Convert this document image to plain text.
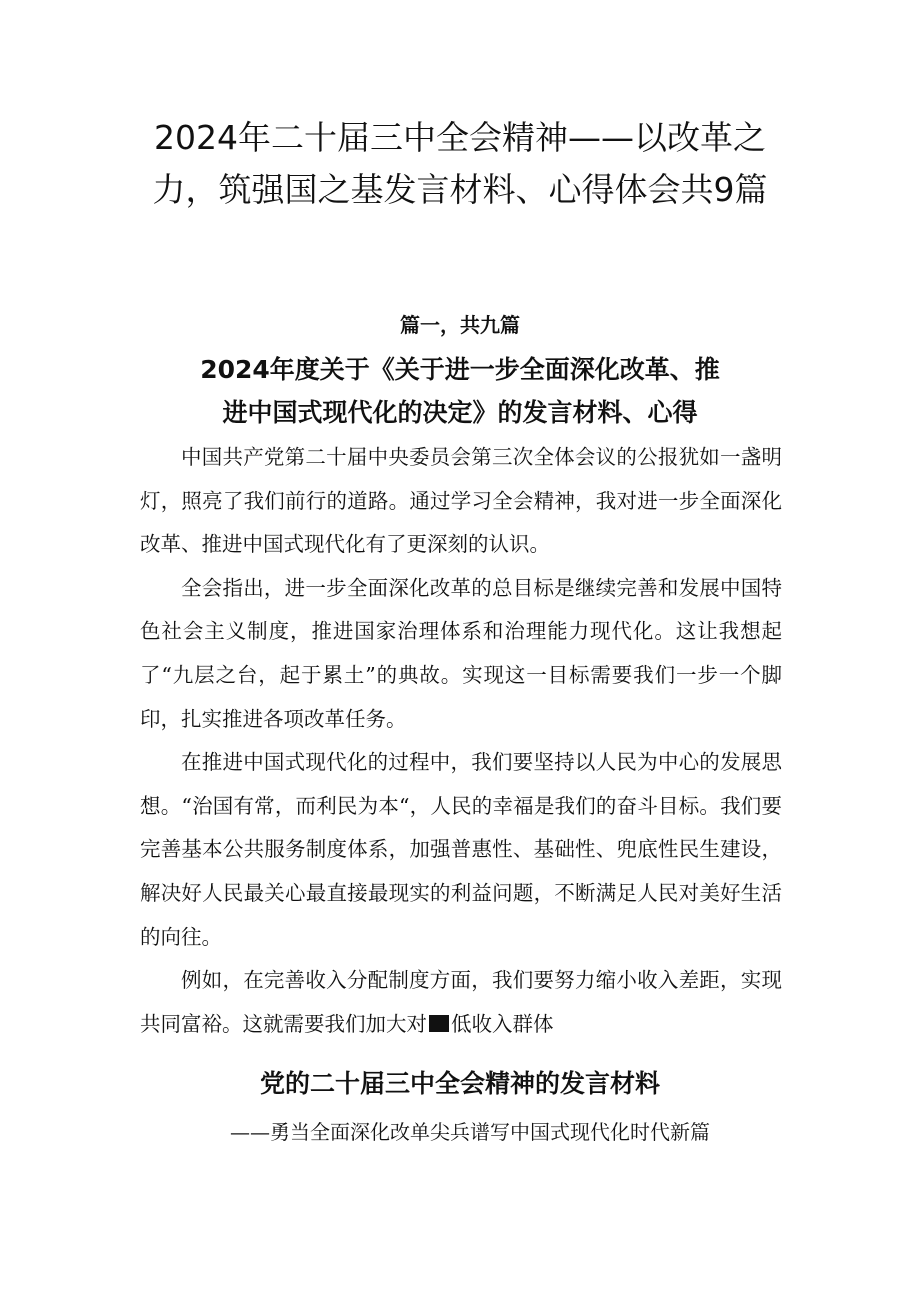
2024年二十届三中全会精神——以改革之力，筑强国之基发言材料、心得体会共9篇
篇一，共九篇
2024年度关于《关于进一步全面深化改革、推
进中国式现代化的决定》的发言材料、心得

中国共产党第二十届中央委员会第三次全体会议的公报犹如一盏明灯，照亮了我们前行的道路。通过学习全会精神，我对进一步全面深化改革、推进中国式现代化有了更深刻的认识。

全会指出，进一步全面深化改革的总目标是继续完善和发展中国特色社会主义制度，推进国家治理体系和治理能力现代化。这让我想起了“九层之台，起于累土”的典故。实现这一目标需要我们一步一个脚印，扎实推进各项改革任务。

在推进中国式现代化的过程中，我们要坚持以人民为中心的发展思想。“治国有常，而利民为本“，人民的幸福是我们的奋斗目标。我们要完善基本公共服务制度体系，加强普惠性、基础性、兜底性民生建设，解决好人民最关心最直接最现实的利益问题，不断满足人民对美好生活的向往。

例如，在完善收入分配制度方面，我们要努力缩小收入差距，实现共同富裕。这就需要我们加大对 低收入群体

党的二十届三中全会精神的发言材料
——勇当全面深化改单尖兵谱写中国式现代化时代新篇
